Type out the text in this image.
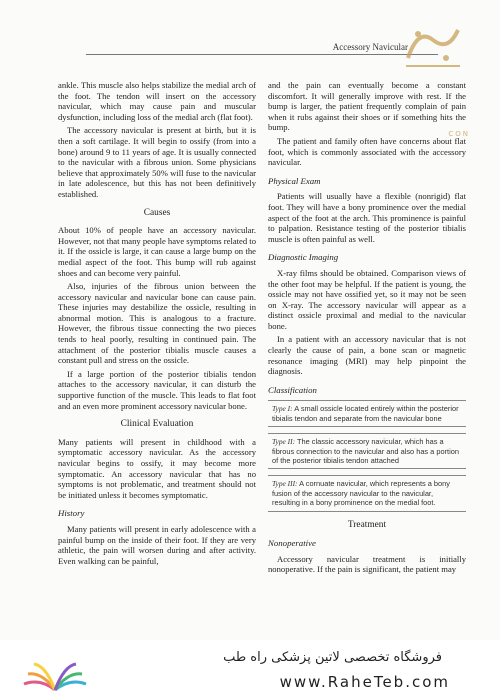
Accessory Navicular
CON

ankle. This muscle also helps stabilize the medial arch of the foot. The tendon will insert on the accessory navicular, which may cause pain and muscular dysfunction, including loss of the medial arch (flat foot).

The accessory navicular is present at birth, but it is then a soft cartilage. It will begin to ossify (from into a bone) around 9 to 11 years of age. It is usually connected to the navicular with a fibrous union. Some physicians believe that approximately 50% will fuse to the navicular in late adolescence, but this has not been definitively established.

Causes

About 10% of people have an accessory navicular. However, not that many people have symptoms related to it. If the ossicle is large, it can cause a large bump on the medial aspect of the foot. This bump will rub against shoes and can become very painful.

Also, injuries of the fibrous union between the accessory navicular and navicular bone can cause pain. These injuries may destabilize the ossicle, resulting in abnormal motion. This is analogous to a fracture. However, the fibrous tissue connecting the two pieces tends to heal poorly, resulting in continued pain. The attachment of the posterior tibialis muscle causes a constant pull and stress on the ossicle.

If a large portion of the posterior tibialis tendon attaches to the accessory navicular, it can disturb the supportive function of the muscle. This leads to flat foot and an even more prominent accessory navicular bone.

Clinical Evaluation

Many patients will present in childhood with a symptomatic accessory navicular. As the accessory navicular begins to ossify, it may become more symptomatic. An accessory navicular that has no symptoms is not problematic, and treatment should not be initiated unless it becomes symptomatic.

History

Many patients will present in early adolescence with a painful bump on the inside of their foot. If they are very athletic, the pain will worsen during and after activity. Even walking can be painful,

and the pain can eventually become a constant discomfort. It will generally improve with rest. If the bump is larger, the patient frequently complain of pain when it rubs against their shoes or if something hits the bump.

The patient and family often have concerns about flat foot, which is commonly associated with the accessory navicular.

Physical Exam

Patients will usually have a flexible (nonrigid) flat foot. They will have a bony prominence over the medial aspect of the foot at the arch. This prominence is painful to palpation. Resistance testing of the posterior tibialis muscle is often painful as well.

Diagnostic Imaging

X-ray films should be obtained. Comparison views of the other foot may be helpful. If the patient is young, the ossicle may not have ossified yet, so it may not be seen on X-ray. The accessory navicular will appear as a distinct ossicle proximal and medial to the navicular bone.

In a patient with an accessory navicular that is not clearly the cause of pain, a bone scan or magnetic resonance imaging (MRI) may help pinpoint the diagnosis.

Classification
Type I: A small ossicle located entirely within the posterior tibialis tendon and separate from the navicular bone
Type II: The classic accessory navicular, which has a fibrous connection to the navicular and also has a portion of the posterior tibialis tendon attached
Type III: A cornuate navicular, which represents a bony fusion of the accessory navicular to the navicular, resulting in a bony prominence on the medial foot.
Treatment
Nonoperative

Accessory navicular treatment is initially nonoperative. If the pain is significant, the patient may

فروشگاه تخصصی لاتین پزشکی راه طب
www.RaheTeb.com
